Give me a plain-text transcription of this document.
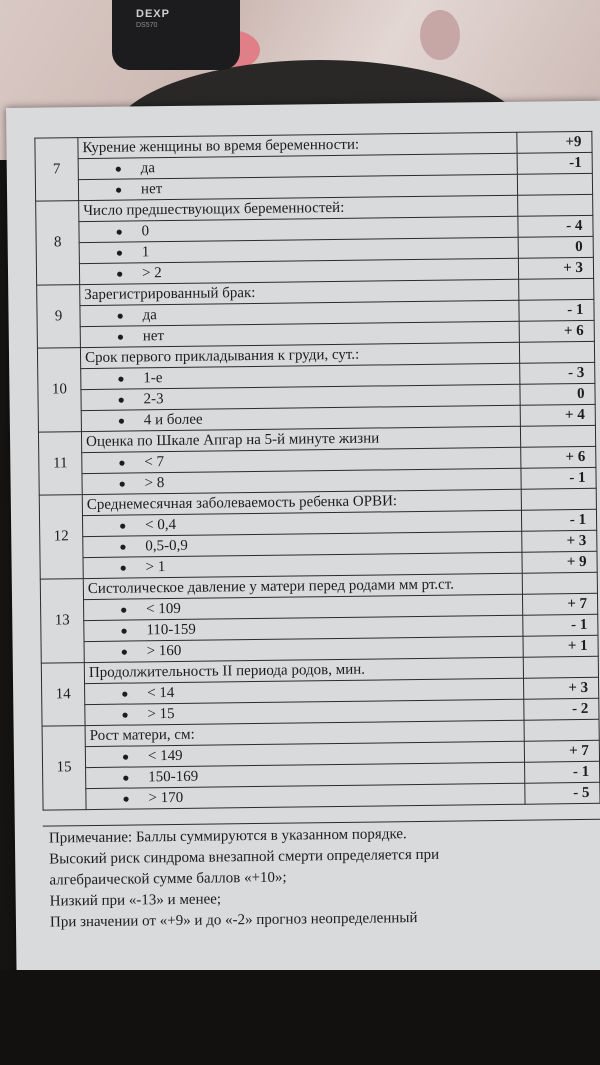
DEXP
DS570
7	Курение женщины во время беременности:	+9
	● да	-1
	● нет	
8	Число предшествующих беременностей:	
	● 0	- 4
	● 1	0
	● > 2	+ 3
9	Зарегистрированный брак:	
	● да	- 1
	● нет	+ 6
10	Срок первого прикладывания к груди, сут.:	
	● 1-е	- 3
	● 2-3	0
	● 4 и более	+ 4
11	Оценка по Шкале Апгар на 5-й минуте жизни	
	● < 7	+ 6
	● > 8	- 1
12	Среднемесячная заболеваемость ребенка ОРВИ:	
	● < 0,4	- 1
	● 0,5-0,9	+ 3
	● > 1	+ 9
13	Систолическое давление у матери перед родами мм рт.ст.	
	● < 109	+ 7
	● 110-159	- 1
	● > 160	+ 1
14	Продолжительность II периода родов, мин.	
	● < 14	+ 3
	● > 15	- 2
15	Рост матери, см:	
	● < 149	+ 7
	● 150-169	- 1
	● > 170	- 5
Примечание: Баллы суммируются в указанном порядке.
Высокий риск синдрома внезапной смерти определяется при
алгебраической сумме баллов «+10»;
Низкий при «-13» и менее;
При значении от «+9» и до «-2» прогноз неопределенный
